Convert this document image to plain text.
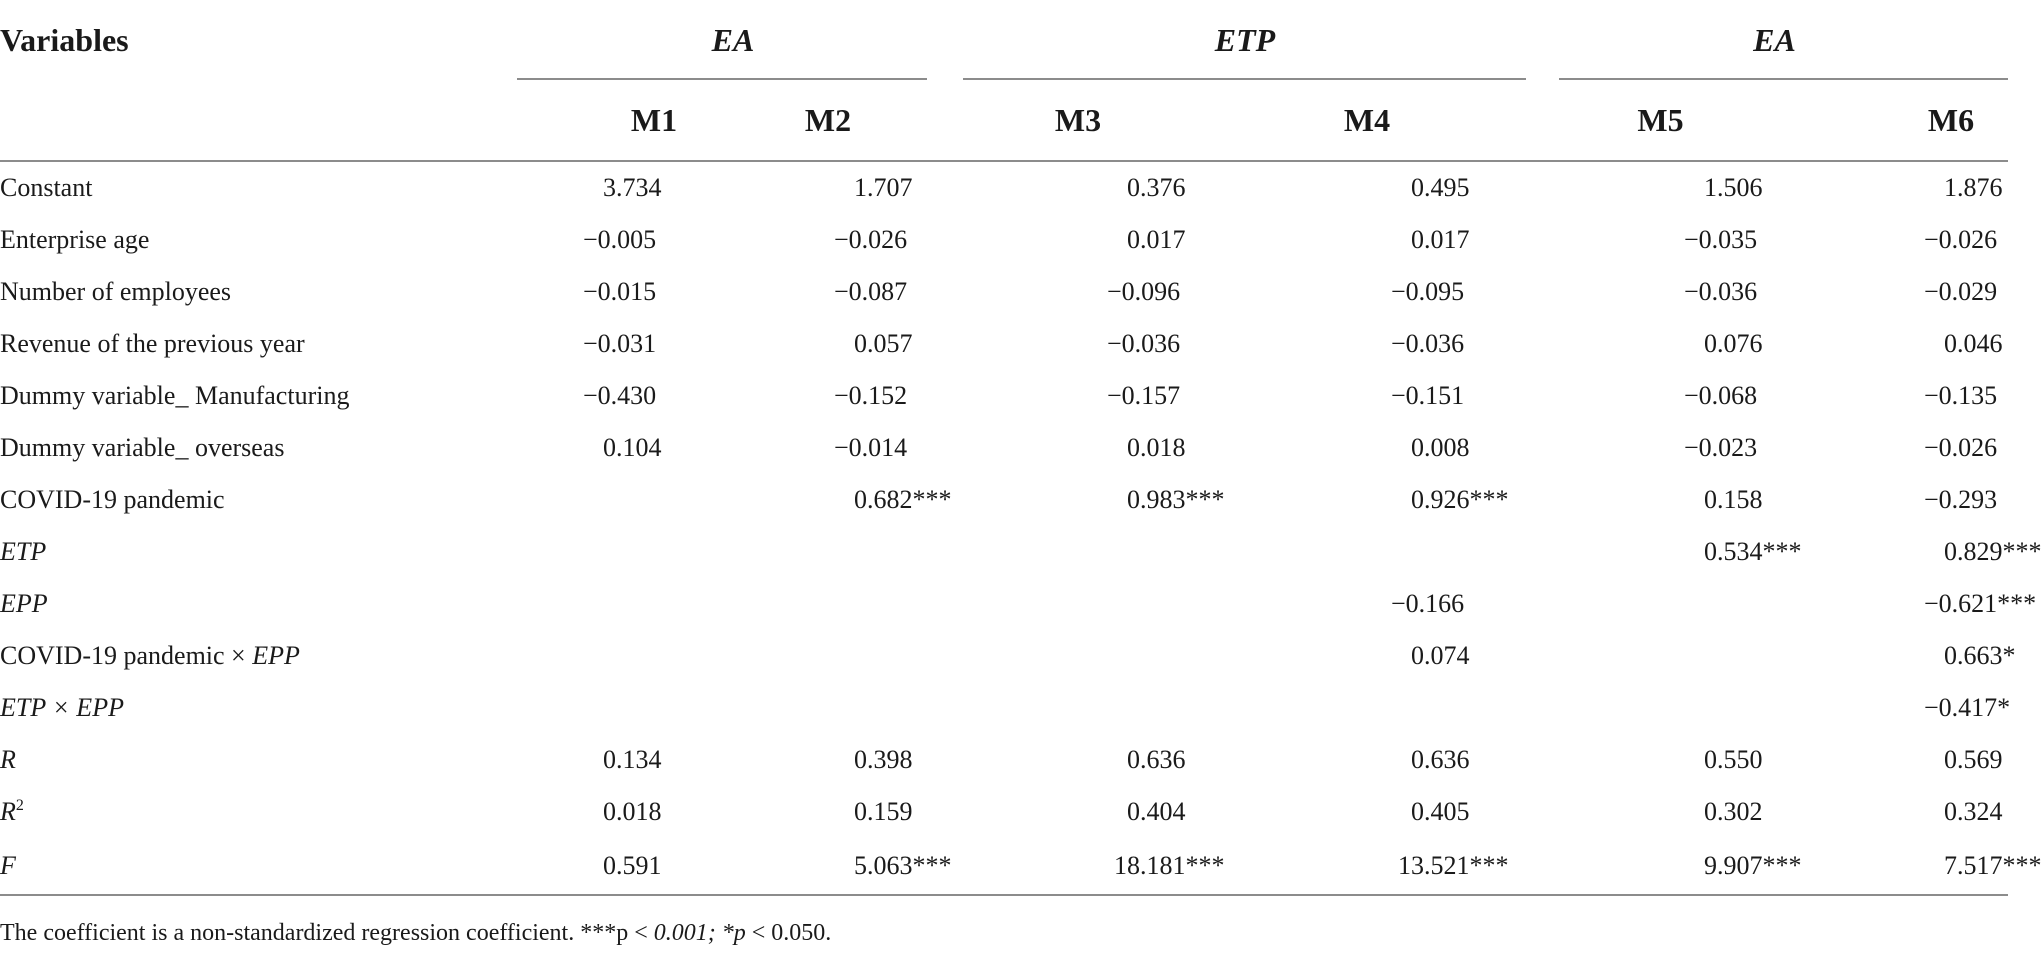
Variables	EA		ETP		EA	

	M1	M2	M3	M4	M5	M6
Constant	3.734	1.707	0.376	0.495	1.506	1.876
Enterprise age	−0.005	−0.026	0.017	0.017	−0.035	−0.026
Number of employees	−0.015	−0.087	−0.096	−0.095	−0.036	−0.029
Revenue of the previous year	−0.031	0.057	−0.036	−0.036	0.076	0.046
Dummy variable_ Manufacturing	−0.430	−0.152	−0.157	−0.151	−0.068	−0.135
Dummy variable_ overseas	0.104	−0.014	0.018	0.008	−0.023	−0.026
COVID-19 pandemic		0.682***	0.983***	0.926***	0.158	−0.293
ETP					0.534***	0.829***
EPP				−0.166		−0.621***
COVID-19 pandemic × EPP				0.074		0.663*
ETP × EPP						−0.417*
R	0.134	0.398	0.636	0.636	0.550	0.569
$R^2$	0.018	0.159	0.404	0.405	0.302	0.324
F	0.591	5.063***	18.181***	13.521***	9.907***	7.517***
The coefficient is a non-standardized regression coefficient. ***p < 0.001; *p < 0.050.
